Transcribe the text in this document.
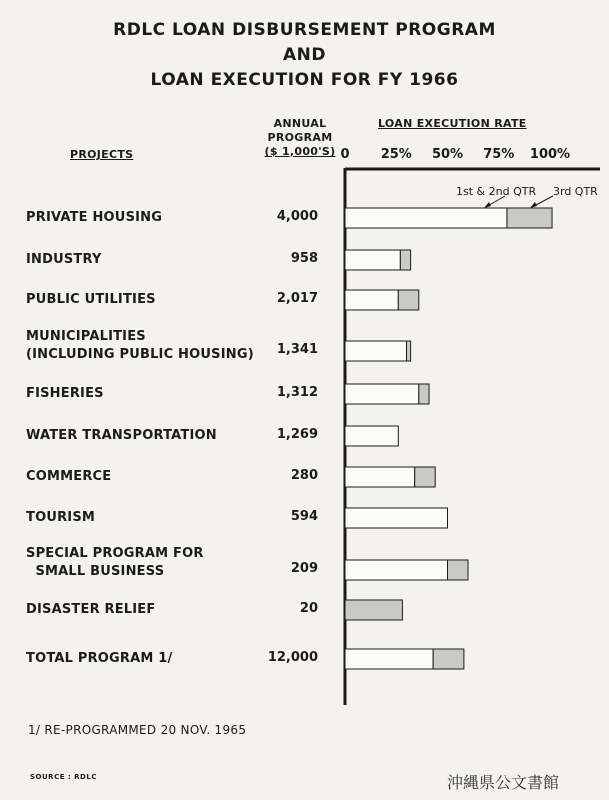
RDLC LOAN DISBURSEMENT PROGRAM
AND
LOAN EXECUTION FOR FY 1966
PROJECTS
ANNUAL
PROGRAM
($ 1,000'S)
LOAN EXECUTION RATE
0	25%	50%	75%	100%
PRIVATE HOUSING	4,000
INDUSTRY	958
PUBLIC UTILITIES	2,017
MUNICIPALITIES
(INCLUDING PUBLIC HOUSING)	1,341
FISHERIES	1,312
WATER TRANSPORTATION	1,269
COMMERCE	280
TOURISM	594
SPECIAL PROGRAM FOR
SMALL BUSINESS	209
DISASTER RELIEF	20
TOTAL PROGRAM 1/	12,000
1st & 2nd QTR 3rd QTR
1/ RE-PROGRAMMED 20 NOV. 1965
SOURCE : RDLC	沖縄県公文書館
